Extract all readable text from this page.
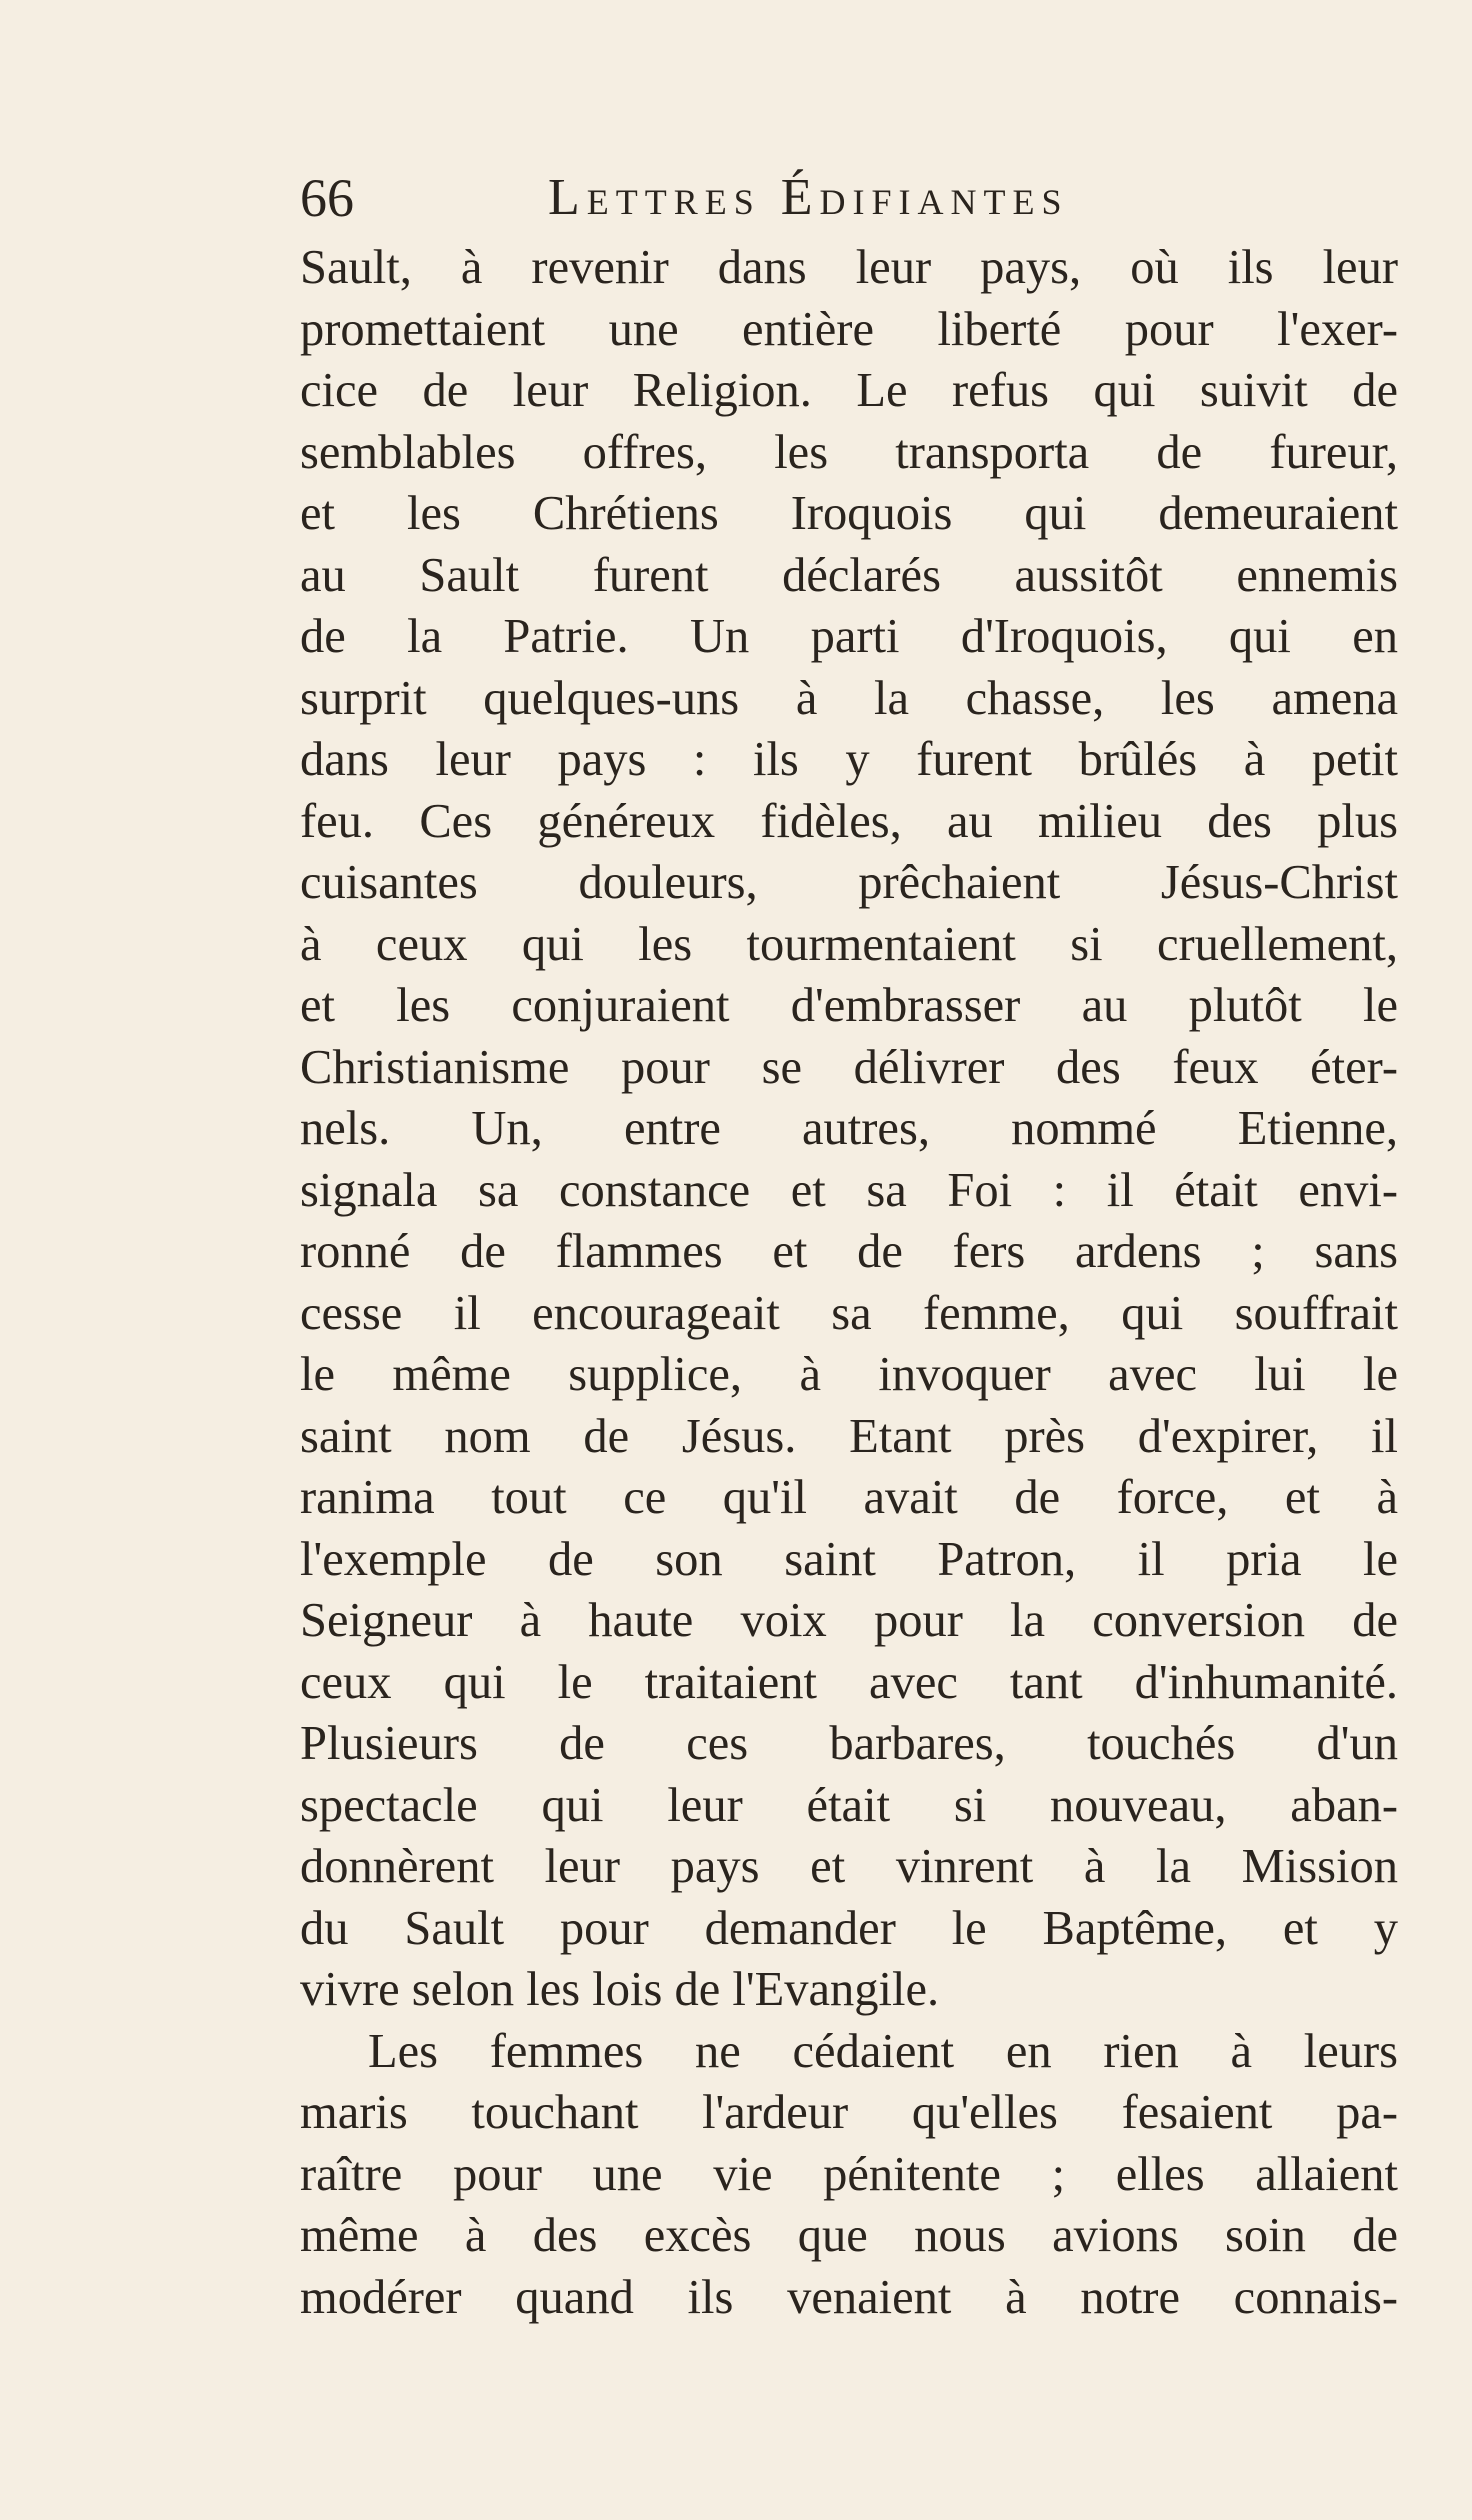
66	Lettres Édifiantes
Sault, à revenir dans leur pays, où ils leur
promettaient une entière liberté pour l'exer-
cice de leur Religion. Le refus qui suivit de
semblables offres, les transporta de fureur,
et les Chrétiens Iroquois qui demeuraient
au Sault furent déclarés aussitôt ennemis
de la Patrie. Un parti d'Iroquois, qui en
surprit quelques-uns à la chasse, les amena
dans leur pays : ils y furent brûlés à petit
feu. Ces généreux fidèles, au milieu des plus
cuisantes douleurs, prêchaient Jésus-Christ
à ceux qui les tourmentaient si cruellement,
et les conjuraient d'embrasser au plutôt le
Christianisme pour se délivrer des feux éter-
nels. Un, entre autres, nommé Etienne,
signala sa constance et sa Foi : il était envi-
ronné de flammes et de fers ardens ; sans
cesse il encourageait sa femme, qui souffrait
le même supplice, à invoquer avec lui le
saint nom de Jésus. Etant près d'expirer, il
ranima tout ce qu'il avait de force, et à
l'exemple de son saint Patron, il pria le
Seigneur à haute voix pour la conversion de
ceux qui le traitaient avec tant d'inhumanité.
Plusieurs de ces barbares, touchés d'un
spectacle qui leur était si nouveau, aban-
donnèrent leur pays et vinrent à la Mission
du Sault pour demander le Baptême, et y
vivre selon les lois de l'Evangile.
Les femmes ne cédaient en rien à leurs
maris touchant l'ardeur qu'elles fesaient pa-
raître pour une vie pénitente ; elles allaient
même à des excès que nous avions soin de
modérer quand ils venaient à notre connais-
